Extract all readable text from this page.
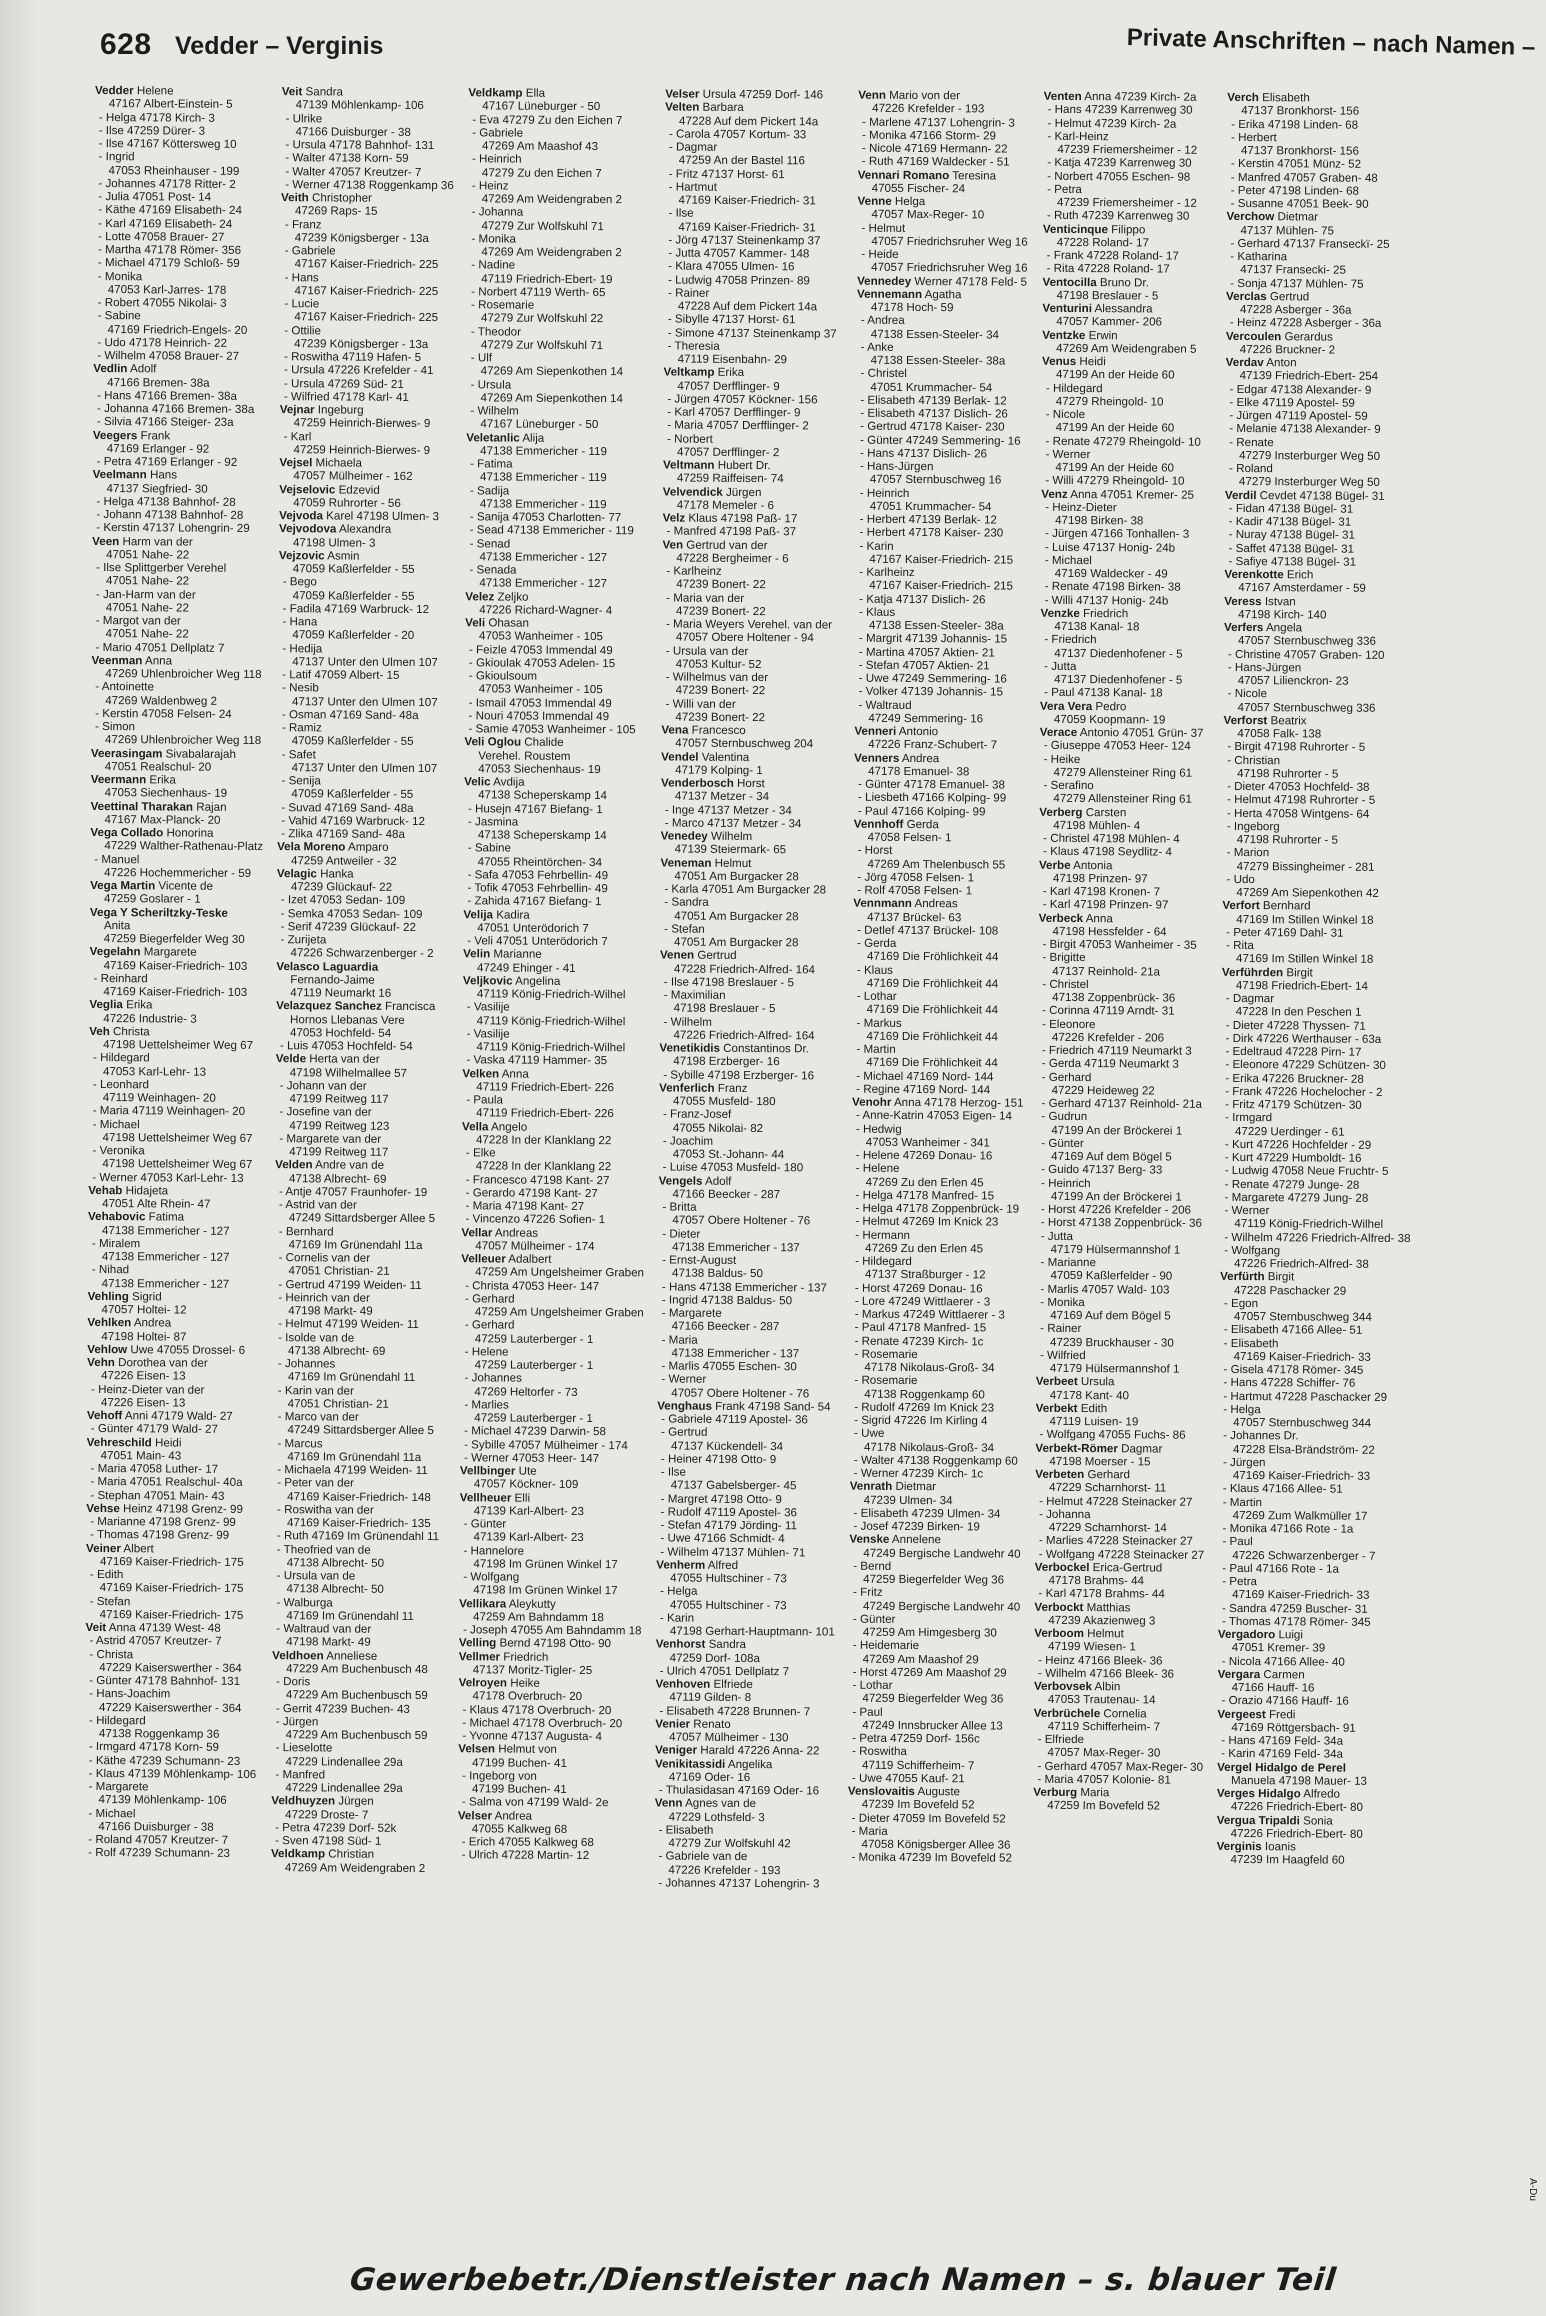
628 Vedder – Verginis	Private Anschriften – nach Namen –
Vedder Helene
47167 Albert-Einstein- 5
- Helga 47178 Kirch- 3
- Ilse 47259 Dürer- 3
- Ilse 47167 Köttersweg 10
- Ingrid
47053 Rheinhauser - 199
- Johannes 47178 Ritter- 2
- Julia 47051 Post- 14
- Käthe 47169 Elisabeth- 24
- Karl 47169 Elisabeth- 24
- Lotte 47058 Brauer- 27
- Martha 47178 Römer- 356
- Michael 47179 Schloß- 59
- Monika
47053 Karl-Jarres- 178
- Robert 47055 Nikolai- 3
- Sabine
47169 Friedrich-Engels- 20
- Udo 47178 Heinrich- 22
- Wilhelm 47058 Brauer- 27
Vedlin Adolf
47166 Bremen- 38a
- Hans 47166 Bremen- 38a
- Johanna 47166 Bremen- 38a
- Silvia 47166 Steiger- 23a
Veegers Frank
47169 Erlanger - 92
- Petra 47169 Erlanger - 92
Veelmann Hans
47137 Siegfried- 30
- Helga 47138 Bahnhof- 28
- Johann 47138 Bahnhof- 28
- Kerstin 47137 Lohengrin- 29
Veen Harm van der
47051 Nahe- 22
- Ilse Splittgerber Verehel
47051 Nahe- 22
- Jan-Harm van der
47051 Nahe- 22
- Margot van der
47051 Nahe- 22
- Mario 47051 Dellplatz 7
Veenman Anna
47269 Uhlenbroicher Weg 118
- Antoinette
47269 Waldenbweg 2
- Kerstin 47058 Felsen- 24
- Simon
47269 Uhlenbroicher Weg 118
Veerasingam Sivabalarajah
47051 Realschul- 20
Veermann Erika
47053 Siechenhaus- 19
Veettinal Tharakan Rajan
47167 Max-Planck- 20
Vega Collado Honorina
47229 Walther-Rathenau-Platz
- Manuel
47226 Hochemmericher - 59
Vega Martin Vicente de
47259 Goslarer - 1
Vega Y Scheriltzky-Teske
Anita
47259 Biegerfelder Weg 30
Vegelahn Margarete
47169 Kaiser-Friedrich- 103
- Reinhard
47169 Kaiser-Friedrich- 103
Veglia Erika
47226 Industrie- 3
Veh Christa
47198 Uettelsheimer Weg 67
- Hildegard
47053 Karl-Lehr- 13
- Leonhard
47119 Weinhagen- 20
- Maria 47119 Weinhagen- 20
- Michael
47198 Uettelsheimer Weg 67
- Veronika
47198 Uettelsheimer Weg 67
- Werner 47053 Karl-Lehr- 13
Vehab Hidajeta
47051 Alte Rhein- 47
Vehabovic Fatima
47138 Emmericher - 127
- Miralem
47138 Emmericher - 127
- Nihad
47138 Emmericher - 127
Vehling Sigrid
47057 Holtei- 12
Vehlken Andrea
47198 Holtei- 87
Vehlow Uwe 47055 Drossel- 6
Vehn Dorothea van der
47226 Eisen- 13
- Heinz-Dieter van der
47226 Eisen- 13
Vehoff Anni 47179 Wald- 27
- Günter 47179 Wald- 27
Vehreschild Heidi
47051 Main- 43
- Maria 47058 Luther- 17
- Maria 47051 Realschul- 40a
- Stephan 47051 Main- 43
Vehse Heinz 47198 Grenz- 99
- Marianne 47198 Grenz- 99
- Thomas 47198 Grenz- 99
Veiner Albert
47169 Kaiser-Friedrich- 175
- Edith
47169 Kaiser-Friedrich- 175
- Stefan
47169 Kaiser-Friedrich- 175
Veit Anna 47139 West- 48
- Astrid 47057 Kreutzer- 7
- Christa
47229 Kaiserswerther - 364
- Günter 47178 Bahnhof- 131
- Hans-Joachim
47229 Kaiserswerther - 364
- Hildegard
47138 Roggenkamp 36
- Irmgard 47178 Korn- 59
- Käthe 47239 Schumann- 23
- Klaus 47139 Möhlenkamp- 106
- Margarete
47139 Möhlenkamp- 106
- Michael
47166 Duisburger - 38
- Roland 47057 Kreutzer- 7
- Rolf 47239 Schumann- 23
Veit Sandra
47139 Möhlenkamp- 106
- Ulrike
47166 Duisburger - 38
- Ursula 47178 Bahnhof- 131
- Walter 47138 Korn- 59
- Walter 47057 Kreutzer- 7
- Werner 47138 Roggenkamp 36
Veith Christopher
47269 Raps- 15
- Franz
47239 Königsberger - 13a
- Gabriele
47167 Kaiser-Friedrich- 225
- Hans
47167 Kaiser-Friedrich- 225
- Lucie
47167 Kaiser-Friedrich- 225
- Ottilie
47239 Königsberger - 13a
- Roswitha 47119 Hafen- 5
- Ursula 47226 Krefelder - 41
- Ursula 47269 Süd- 21
- Wilfried 47178 Karl- 41
Vejnar Ingeburg
47259 Heinrich-Bierwes- 9
- Karl
47259 Heinrich-Bierwes- 9
Vejsel Michaela
47057 Mülheimer - 162
Vejselovic Edzevid
47059 Ruhrorter - 56
Vejvoda Karel 47198 Ulmen- 3
Vejvodova Alexandra
47198 Ulmen- 3
Vejzovic Asmin
47059 Kaßlerfelder - 55
- Bego
47059 Kaßlerfelder - 55
- Fadila 47169 Warbruck- 12
- Hana
47059 Kaßlerfelder - 20
- Hedija
47137 Unter den Ulmen 107
- Latif 47059 Albert- 15
- Nesib
47137 Unter den Ulmen 107
- Osman 47169 Sand- 48a
- Ramiz
47059 Kaßlerfelder - 55
- Safet
47137 Unter den Ulmen 107
- Senija
47059 Kaßlerfelder - 55
- Suvad 47169 Sand- 48a
- Vahid 47169 Warbruck- 12
- Zlika 47169 Sand- 48a
Vela Moreno Amparo
47259 Antweiler - 32
Velagic Hanka
47239 Glückauf- 22
- Izet 47053 Sedan- 109
- Semka 47053 Sedan- 109
- Serif 47239 Glückauf- 22
- Zurijeta
47226 Schwarzenberger - 2
Velasco Laguardia
Fernando-Jaime
47119 Neumarkt 16
Velazquez Sanchez Francisca
Hornos Llebanas Vere
47053 Hochfeld- 54
- Luis 47053 Hochfeld- 54
Velde Herta van der
47198 Wilhelmallee 57
- Johann van der
47199 Reitweg 117
- Josefine van der
47199 Reitweg 123
- Margarete van der
47199 Reitweg 117
Velden Andre van de
47138 Albrecht- 69
- Antje 47057 Fraunhofer- 19
- Astrid van der
47249 Sittardsberger Allee 5
- Bernhard
47169 Im Grünendahl 11a
- Cornelis van der
47051 Christian- 21
- Gertrud 47199 Weiden- 11
- Heinrich van der
47198 Markt- 49
- Helmut 47199 Weiden- 11
- Isolde van de
47138 Albrecht- 69
- Johannes
47169 Im Grünendahl 11
- Karin van der
47051 Christian- 21
- Marco van der
47249 Sittardsberger Allee 5
- Marcus
47169 Im Grünendahl 11a
- Michaela 47199 Weiden- 11
- Peter van der
47169 Kaiser-Friedrich- 148
- Roswitha van der
47169 Kaiser-Friedrich- 135
- Ruth 47169 Im Grünendahl 11
- Theofried van de
47138 Albrecht- 50
- Ursula van de
47138 Albrecht- 50
- Walburga
47169 Im Grünendahl 11
- Waltraud van der
47198 Markt- 49
Veldhoen Anneliese
47229 Am Buchenbusch 48
- Doris
47229 Am Buchenbusch 59
- Gerrit 47239 Buchen- 43
- Jürgen
47229 Am Buchenbusch 59
- Lieselotte
47229 Lindenallee 29a
- Manfred
47229 Lindenallee 29a
Veldhuyzen Jürgen
47229 Droste- 7
- Petra 47239 Dorf- 52k
- Sven 47198 Süd- 1
Veldkamp Christian
47269 Am Weidengraben 2
Veldkamp Ella
47167 Lüneburger - 50
- Eva 47279 Zu den Eichen 7
- Gabriele
47269 Am Maashof 43
- Heinrich
47279 Zu den Eichen 7
- Heinz
47269 Am Weidengraben 2
- Johanna
47279 Zur Wolfskuhl 71
- Monika
47269 Am Weidengraben 2
- Nadine
47119 Friedrich-Ebert- 19
- Norbert 47119 Werth- 65
- Rosemarie
47279 Zur Wolfskuhl 22
- Theodor
47279 Zur Wolfskuhl 71
- Ulf
47269 Am Siepenkothen 14
- Ursula
47269 Am Siepenkothen 14
- Wilhelm
47167 Lüneburger - 50
Veletanlic Alija
47138 Emmericher - 119
- Fatima
47138 Emmericher - 119
- Sadija
47138 Emmericher - 119
- Sanija 47053 Charlotten- 77
- Sead 47138 Emmericher - 119
- Senad
47138 Emmericher - 127
- Senada
47138 Emmericher - 127
Velez Zeljko
47226 Richard-Wagner- 4
Veli Ohasan
47053 Wanheimer - 105
- Feizle 47053 Immendal 49
- Gkioulak 47053 Adelen- 15
- Gkioulsoum
47053 Wanheimer - 105
- Ismail 47053 Immendal 49
- Nouri 47053 Immendal 49
- Samie 47053 Wanheimer - 105
Veli Oglou Chalide
Verehel. Roustem
47053 Siechenhaus- 19
Velic Avdija
47138 Scheperskamp 14
- Husejn 47167 Biefang- 1
- Jasmina
47138 Scheperskamp 14
- Sabine
47055 Rheintörchen- 34
- Safa 47053 Fehrbellin- 49
- Tofik 47053 Fehrbellin- 49
- Zahida 47167 Biefang- 1
Velija Kadira
47051 Unterödorich 7
- Veli 47051 Unterödorich 7
Velin Marianne
47249 Ehinger - 41
Veljkovic Angelina
47119 König-Friedrich-Wilhel
- Vasilije
47119 König-Friedrich-Wilhel
- Vasilije
47119 König-Friedrich-Wilhel
- Vaska 47119 Hammer- 35
Velken Anna
47119 Friedrich-Ebert- 226
- Paula
47119 Friedrich-Ebert- 226
Vella Angelo
47228 In der Klanklang 22
- Elke
47228 In der Klanklang 22
- Francesco 47198 Kant- 27
- Gerardo 47198 Kant- 27
- Maria 47198 Kant- 27
- Vincenzo 47226 Sofien- 1
Vellar Andreas
47057 Mülheimer - 174
Velleuer Adalbert
47259 Am Ungelsheimer Graben
- Christa 47053 Heer- 147
- Gerhard
47259 Am Ungelsheimer Graben
- Gerhard
47259 Lauterberger - 1
- Helene
47259 Lauterberger - 1
- Johannes
47269 Heltorfer - 73
- Marlies
47259 Lauterberger - 1
- Michael 47239 Darwin- 58
- Sybille 47057 Mülheimer - 174
- Werner 47053 Heer- 147
Vellbinger Ute
47057 Köckner- 109
Vellheuer Elli
47139 Karl-Albert- 23
- Günter
47139 Karl-Albert- 23
- Hannelore
47198 Im Grünen Winkel 17
- Wolfgang
47198 Im Grünen Winkel 17
Vellikara Aleykutty
47259 Am Bahndamm 18
- Joseph 47055 Am Bahndamm 18
Velling Bernd 47198 Otto- 90
Vellmer Friedrich
47137 Moritz-Tigler- 25
Velroyen Heike
47178 Overbruch- 20
- Klaus 47178 Overbruch- 20
- Michael 47178 Overbruch- 20
- Yvonne 47137 Augusta- 4
Velsen Helmut von
47199 Buchen- 41
- Ingeborg von
47199 Buchen- 41
- Salma von 47199 Wald- 2e
Velser Andrea
47055 Kalkweg 68
- Erich 47055 Kalkweg 68
- Ulrich 47228 Martin- 12
Velser Ursula 47259 Dorf- 146
Velten Barbara
47228 Auf dem Pickert 14a
- Carola 47057 Kortum- 33
- Dagmar
47259 An der Bastel 116
- Fritz 47137 Horst- 61
- Hartmut
47169 Kaiser-Friedrich- 31
- Ilse
47169 Kaiser-Friedrich- 31
- Jörg 47137 Steinenkamp 37
- Jutta 47057 Kammer- 148
- Klara 47055 Ulmen- 16
- Ludwig 47058 Prinzen- 89
- Rainer
47228 Auf dem Pickert 14a
- Sibylle 47137 Horst- 61
- Simone 47137 Steinenkamp 37
- Theresia
47119 Eisenbahn- 29
Veltkamp Erika
47057 Derfflinger- 9
- Jürgen 47057 Köckner- 156
- Karl 47057 Derfflinger- 9
- Maria 47057 Derfflinger- 2
- Norbert
47057 Derfflinger- 2
Veltmann Hubert Dr.
47259 Raiffeisen- 74
Velvendick Jürgen
47178 Memeler - 6
Velz Klaus 47198 Paß- 17
- Manfred 47198 Paß- 37
Ven Gertrud van der
47228 Bergheimer - 6
- Karlheinz
47239 Bonert- 22
- Maria van der
47239 Bonert- 22
- Maria Weyers Verehel. van der
47057 Obere Holtener - 94
- Ursula van der
47053 Kultur- 52
- Wilhelmus van der
47239 Bonert- 22
- Willi van der
47239 Bonert- 22
Vena Francesco
47057 Sternbuschweg 204
Vendel Valentina
47179 Kolping- 1
Venderbosch Horst
47137 Metzer - 34
- Inge 47137 Metzer - 34
- Marco 47137 Metzer - 34
Venedey Wilhelm
47139 Steiermark- 65
Veneman Helmut
47051 Am Burgacker 28
- Karla 47051 Am Burgacker 28
- Sandra
47051 Am Burgacker 28
- Stefan
47051 Am Burgacker 28
Venen Gertrud
47228 Friedrich-Alfred- 164
- Ilse 47198 Breslauer - 5
- Maximilian
47198 Breslauer - 5
- Wilhelm
47226 Friedrich-Alfred- 164
Venetikidis Constantinos Dr.
47198 Erzberger- 16
- Sybille 47198 Erzberger- 16
Venferlich Franz
47055 Musfeld- 180
- Franz-Josef
47055 Nikolai- 82
- Joachim
47053 St.-Johann- 44
- Luise 47053 Musfeld- 180
Vengels Adolf
47166 Beecker - 287
- Britta
47057 Obere Holtener - 76
- Dieter
47138 Emmericher - 137
- Ernst-August
47138 Baldus- 50
- Hans 47138 Emmericher - 137
- Ingrid 47138 Baldus- 50
- Margarete
47166 Beecker - 287
- Maria
47138 Emmericher - 137
- Marlis 47055 Eschen- 30
- Werner
47057 Obere Holtener - 76
Venghaus Frank 47198 Sand- 54
- Gabriele 47119 Apostel- 36
- Gertrud
47137 Kückendell- 34
- Heiner 47198 Otto- 9
- Ilse
47137 Gabelsberger- 45
- Margret 47198 Otto- 9
- Rudolf 47119 Apostel- 36
- Stefan 47179 Jörding- 11
- Uwe 47166 Schmidt- 4
- Wilhelm 47137 Mühlen- 71
Venherm Alfred
47055 Hultschiner - 73
- Helga
47055 Hultschiner - 73
- Karin
47198 Gerhart-Hauptmann- 101
Venhorst Sandra
47259 Dorf- 108a
- Ulrich 47051 Dellplatz 7
Venhoven Elfriede
47119 Gilden- 8
- Elisabeth 47228 Brunnen- 7
Venier Renato
47057 Mülheimer - 130
Veniger Harald 47226 Anna- 22
Venikitassidi Angelika
47169 Oder- 16
- Thulasidasan 47169 Oder- 16
Venn Agnes van de
47229 Lothsfeld- 3
- Elisabeth
47279 Zur Wolfskuhl 42
- Gabriele van de
47226 Krefelder - 193
- Johannes 47137 Lohengrin- 3
Venn Mario von der
47226 Krefelder - 193
- Marlene 47137 Lohengrin- 3
- Monika 47166 Storm- 29
- Nicole 47169 Hermann- 22
- Ruth 47169 Waldecker - 51
Vennari Romano Teresina
47055 Fischer- 24
Venne Helga
47057 Max-Reger- 10
- Helmut
47057 Friedrichsruher Weg 16
- Heide
47057 Friedrichsruher Weg 16
Vennedey Werner 47178 Feld- 5
Vennemann Agatha
47178 Hoch- 59
- Andrea
47138 Essen-Steeler- 34
- Anke
47138 Essen-Steeler- 38a
- Christel
47051 Krummacher- 54
- Elisabeth 47139 Berlak- 12
- Elisabeth 47137 Dislich- 26
- Gertrud 47178 Kaiser- 230
- Günter 47249 Semmering- 16
- Hans 47137 Dislich- 26
- Hans-Jürgen
47057 Sternbuschweg 16
- Heinrich
47051 Krummacher- 54
- Herbert 47139 Berlak- 12
- Herbert 47178 Kaiser- 230
- Karin
47167 Kaiser-Friedrich- 215
- Karlheinz
47167 Kaiser-Friedrich- 215
- Katja 47137 Dislich- 26
- Klaus
47138 Essen-Steeler- 38a
- Margrit 47139 Johannis- 15
- Martina 47057 Aktien- 21
- Stefan 47057 Aktien- 21
- Uwe 47249 Semmering- 16
- Volker 47139 Johannis- 15
- Waltraud
47249 Semmering- 16
Venneri Antonio
47226 Franz-Schubert- 7
Venners Andrea
47178 Emanuel- 38
- Günter 47178 Emanuel- 38
- Liesbeth 47166 Kolping- 99
- Paul 47166 Kolping- 99
Vennhoff Gerda
47058 Felsen- 1
- Horst
47269 Am Thelenbusch 55
- Jörg 47058 Felsen- 1
- Rolf 47058 Felsen- 1
Vennmann Andreas
47137 Brückel- 63
- Detlef 47137 Brückel- 108
- Gerda
47169 Die Fröhlichkeit 44
- Klaus
47169 Die Fröhlichkeit 44
- Lothar
47169 Die Fröhlichkeit 44
- Markus
47169 Die Fröhlichkeit 44
- Martin
47169 Die Fröhlichkeit 44
- Michael 47169 Nord- 144
- Regine 47169 Nord- 144
Venohr Anna 47178 Herzog- 151
- Anne-Katrin 47053 Eigen- 14
- Hedwig
47053 Wanheimer - 341
- Helene 47269 Donau- 16
- Helene
47269 Zu den Erlen 45
- Helga 47178 Manfred- 15
- Helga 47178 Zoppenbrück- 19
- Helmut 47269 Im Knick 23
- Hermann
47269 Zu den Erlen 45
- Hildegard
47137 Straßburger - 12
- Horst 47269 Donau- 16
- Lore 47249 Wittlaerer - 3
- Markus 47249 Wittlaerer - 3
- Paul 47178 Manfred- 15
- Renate 47239 Kirch- 1c
- Rosemarie
47178 Nikolaus-Groß- 34
- Rosemarie
47138 Roggenkamp 60
- Rudolf 47269 Im Knick 23
- Sigrid 47226 Im Kirling 4
- Uwe
47178 Nikolaus-Groß- 34
- Walter 47138 Roggenkamp 60
- Werner 47239 Kirch- 1c
Venrath Dietmar
47239 Ulmen- 34
- Elisabeth 47239 Ulmen- 34
- Josef 47239 Birken- 19
Venske Annelene
47249 Bergische Landwehr 40
- Bernd
47259 Biegerfelder Weg 36
- Fritz
47249 Bergische Landwehr 40
- Günter
47259 Am Himgesberg 30
- Heidemarie
47269 Am Maashof 29
- Horst 47269 Am Maashof 29
- Lothar
47259 Biegerfelder Weg 36
- Paul
47249 Innsbrucker Allee 13
- Petra 47259 Dorf- 156c
- Roswitha
47119 Schifferheim- 7
- Uwe 47055 Kauf- 21
Venslovaitis Auguste
47239 Im Bovefeld 52
- Dieter 47059 Im Bovefeld 52
- Maria
47058 Königsberger Allee 36
- Monika 47239 Im Bovefeld 52
Venten Anna 47239 Kirch- 2a
- Hans 47239 Karrenweg 30
- Helmut 47239 Kirch- 2a
- Karl-Heinz
47239 Friemersheimer - 12
- Katja 47239 Karrenweg 30
- Norbert 47055 Eschen- 98
- Petra
47239 Friemersheimer - 12
- Ruth 47239 Karrenweg 30
Venticinque Filippo
47228 Roland- 17
- Frank 47228 Roland- 17
- Rita 47228 Roland- 17
Ventocilla Bruno Dr.
47198 Breslauer - 5
Venturini Alessandra
47057 Kammer- 206
Ventzke Erwin
47269 Am Weidengraben 5
Venus Heidi
47199 An der Heide 60
- Hildegard
47279 Rheingold- 10
- Nicole
47199 An der Heide 60
- Renate 47279 Rheingold- 10
- Werner
47199 An der Heide 60
- Willi 47279 Rheingold- 10
Venz Anna 47051 Kremer- 25
- Heinz-Dieter
47198 Birken- 38
- Jürgen 47166 Tonhallen- 3
- Luise 47137 Honig- 24b
- Michael
47169 Waldecker - 49
- Renate 47198 Birken- 38
- Willi 47137 Honig- 24b
Venzke Friedrich
47138 Kanal- 18
- Friedrich
47137 Diedenhofener - 5
- Jutta
47137 Diedenhofener - 5
- Paul 47138 Kanal- 18
Vera Vera Pedro
47059 Koopmann- 19
Verace Antonio 47051 Grün- 37
- Giuseppe 47053 Heer- 124
- Heike
47279 Allensteiner Ring 61
- Serafino
47279 Allensteiner Ring 61
Verberg Carsten
47198 Mühlen- 4
- Christel 47198 Mühlen- 4
- Klaus 47198 Seydlitz- 4
Verbe Antonia
47198 Prinzen- 97
- Karl 47198 Kronen- 7
- Karl 47198 Prinzen- 97
Verbeck Anna
47198 Hessfelder - 64
- Birgit 47053 Wanheimer - 35
- Brigitte
47137 Reinhold- 21a
- Christel
47138 Zoppenbrück- 36
- Corinna 47119 Arndt- 31
- Eleonore
47226 Krefelder - 206
- Friedrich 47119 Neumarkt 3
- Gerda 47119 Neumarkt 3
- Gerhard
47229 Heideweg 22
- Gerhard 47137 Reinhold- 21a
- Gudrun
47199 An der Bröckerei 1
- Günter
47169 Auf dem Bögel 5
- Guido 47137 Berg- 33
- Heinrich
47199 An der Bröckerei 1
- Horst 47226 Krefelder - 206
- Horst 47138 Zoppenbrück- 36
- Jutta
47179 Hülsermannshof 1
- Marianne
47059 Kaßlerfelder - 90
- Marlis 47057 Wald- 103
- Monika
47169 Auf dem Bögel 5
- Rainer
47239 Bruckhauser - 30
- Wilfried
47179 Hülsermannshof 1
Verbeet Ursula
47178 Kant- 40
Verbekt Edith
47119 Luisen- 19
- Wolfgang 47055 Fuchs- 86
Verbekt-Römer Dagmar
47198 Moerser - 15
Verbeten Gerhard
47229 Scharnhorst- 11
- Helmut 47228 Steinacker 27
- Johanna
47229 Scharnhorst- 14
- Marlies 47228 Steinacker 27
- Wolfgang 47228 Steinacker 27
Verbockel Erica-Gertrud
47178 Brahms- 44
- Karl 47178 Brahms- 44
Verbockt Matthias
47239 Akazienweg 3
Verboom Helmut
47199 Wiesen- 1
- Heinz 47166 Bleek- 36
- Wilhelm 47166 Bleek- 36
Verbovsek Albin
47053 Trautenau- 14
Verbrüchele Cornelia
47119 Schifferheim- 7
- Elfriede
47057 Max-Reger- 30
- Gerhard 47057 Max-Reger- 30
- Maria 47057 Kolonie- 81
Verburg Maria
47259 Im Bovefeld 52
Verch Elisabeth
47137 Bronkhorst- 156
- Erika 47198 Linden- 68
- Herbert
47137 Bronkhorst- 156
- Kerstin 47051 Münz- 52
- Manfred 47057 Graben- 48
- Peter 47198 Linden- 68
- Susanne 47051 Beek- 90
Verchow Dietmar
47137 Mühlen- 75
- Gerhard 47137 Franseckï- 25
- Katharina
47137 Fransecki- 25
- Sonja 47137 Mühlen- 75
Verclas Gertrud
47228 Asberger - 36a
- Heinz 47228 Asberger - 36a
Vercoulen Gerardus
47226 Bruckner- 2
Verdav Anton
47139 Friedrich-Ebert- 254
- Edgar 47138 Alexander- 9
- Elke 47119 Apostel- 59
- Jürgen 47119 Apostel- 59
- Melanie 47138 Alexander- 9
- Renate
47279 Insterburger Weg 50
- Roland
47279 Insterburger Weg 50
Verdil Cevdet 47138 Bügel- 31
- Fidan 47138 Bügel- 31
- Kadir 47138 Bügel- 31
- Nuray 47138 Bügel- 31
- Saffet 47138 Bügel- 31
- Safiye 47138 Bügel- 31
Verenkotte Erich
47167 Amsterdamer - 59
Veress Istvan
47198 Kirch- 140
Verfers Angela
47057 Sternbuschweg 336
- Christine 47057 Graben- 120
- Hans-Jürgen
47057 Lilienckron- 23
- Nicole
47057 Sternbuschweg 336
Verforst Beatrix
47058 Falk- 138
- Birgit 47198 Ruhrorter - 5
- Christian
47198 Ruhrorter - 5
- Dieter 47053 Hochfeld- 38
- Helmut 47198 Ruhrorter - 5
- Herta 47058 Wintgens- 64
- Ingeborg
47198 Ruhrorter - 5
- Marion
47279 Bissingheimer - 281
- Udo
47269 Am Siepenkothen 42
Verfort Bernhard
47169 Im Stillen Winkel 18
- Peter 47169 Dahl- 31
- Rita
47169 Im Stillen Winkel 18
Verführden Birgit
47198 Friedrich-Ebert- 14
- Dagmar
47228 In den Peschen 1
- Dieter 47228 Thyssen- 71
- Dirk 47226 Werthauser - 63a
- Edeltraud 47228 Pirn- 17
- Eleonore 47229 Schützen- 30
- Erika 47226 Bruckner- 28
- Frank 47226 Hochelocher - 2
- Fritz 47179 Schützen- 30
- Irmgard
47229 Uerdinger - 61
- Kurt 47226 Hochfelder - 29
- Kurt 47229 Humboldt- 16
- Ludwig 47058 Neue Fruchtr- 5
- Renate 47279 Junge- 28
- Margarete 47279 Jung- 28
- Werner
47119 König-Friedrich-Wilhel
- Wilhelm 47226 Friedrich-Alfred- 38
- Wolfgang
47226 Friedrich-Alfred- 38
Verfürth Birgit
47228 Paschacker 29
- Egon
47057 Sternbuschweg 344
- Elisabeth 47166 Allee- 51
- Elisabeth
47169 Kaiser-Friedrich- 33
- Gisela 47178 Römer- 345
- Hans 47228 Schiffer- 76
- Hartmut 47228 Paschacker 29
- Helga
47057 Sternbuschweg 344
- Johannes Dr.
47228 Elsa-Brändström- 22
- Jürgen
47169 Kaiser-Friedrich- 33
- Klaus 47166 Allee- 51
- Martin
47269 Zum Walkmüller 17
- Monika 47166 Rote - 1a
- Paul
47226 Schwarzenberger - 7
- Paul 47166 Rote - 1a
- Petra
47169 Kaiser-Friedrich- 33
- Sandra 47259 Buscher- 31
- Thomas 47178 Römer- 345
Vergadoro Luigi
47051 Kremer- 39
- Nicola 47166 Allee- 40
Vergara Carmen
47166 Hauff- 16
- Orazio 47166 Hauff- 16
Vergeest Fredi
47169 Röttgersbach- 91
- Hans 47169 Feld- 34a
- Karin 47169 Feld- 34a
Vergel Hidalgo de Perel
Manuela 47198 Mauer- 13
Verges Hidalgo Alfredo
47226 Friedrich-Ebert- 80
Vergua Tripaldi Sonia
47226 Friedrich-Ebert- 80
Verginis Ioanis
47239 Im Haagfeld 60
Gewerbebetr./Dienstleister nach Namen – s. blauer Teil
A-Du
